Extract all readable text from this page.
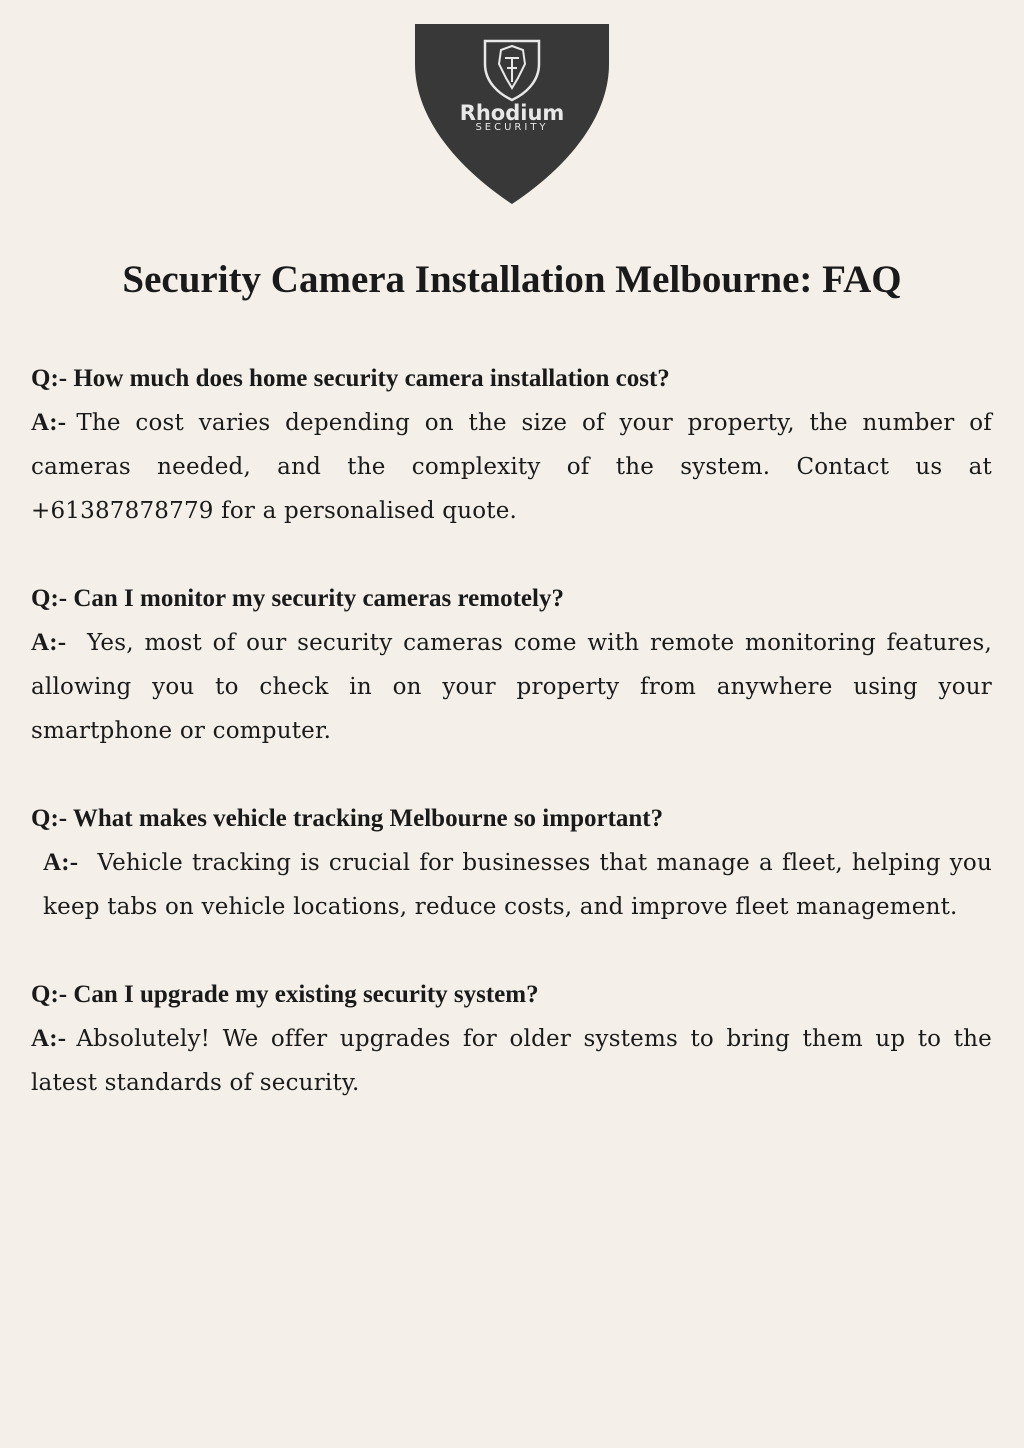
Rhodium
SECURITY
Security Camera Installation Melbourne: FAQ

Q:- How much does home security camera installation cost?

A:- The cost varies depending on the size of your property, the number of cameras needed, and the complexity of the system. Contact us at +61387878779 for a personalised quote.

Q:- Can I monitor my security cameras remotely?

A:- Yes, most of our security cameras come with remote monitoring features, allowing you to check in on your property from anywhere using your smartphone or computer.

Q:- What makes vehicle tracking Melbourne so important?

A:- Vehicle tracking is crucial for businesses that manage a fleet, helping you keep tabs on vehicle locations, reduce costs, and improve fleet management.

Q:- Can I upgrade my existing security system?

A:- Absolutely! We offer upgrades for older systems to bring them up to the latest standards of security.
